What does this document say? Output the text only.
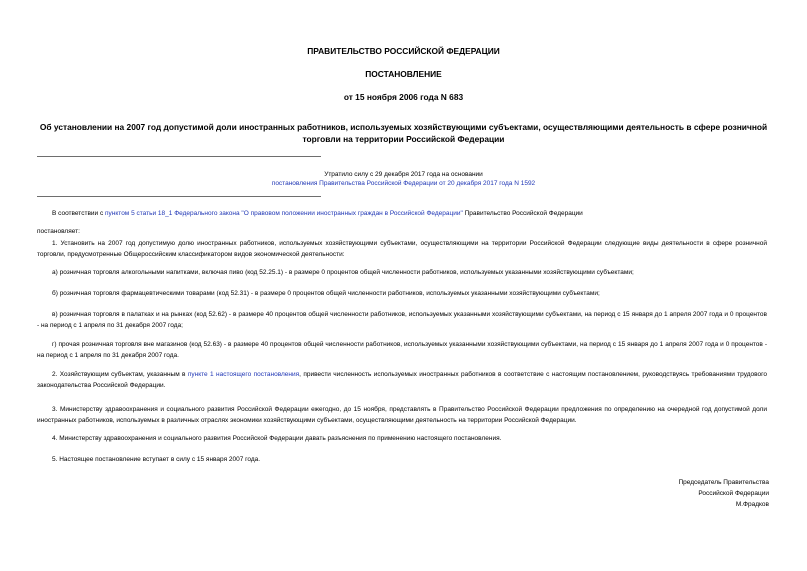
ПРАВИТЕЛЬСТВО РОССИЙСКОЙ ФЕДЕРАЦИИ
ПОСТАНОВЛЕНИЕ
от 15 ноября 2006 года N 683
Об установлении на 2007 год допустимой доли иностранных работников, используемых хозяйствующими субъектами, осуществляющими деятельность в сфере розничной торговли на территории Российской Федерации
Утратило силу с 29 декабря 2017 года на основании
постановления Правительства Российской Федерации от 20 декабря 2017 года N 1592
В соответствии с пунктом 5 статьи 18_1 Федерального закона "О правовом положении иностранных граждан в Российской Федерации" Правительство Российской Федерации
постановляет:
1. Установить на 2007 год допустимую долю иностранных работников, используемых хозяйствующими субъектами, осуществляющими на территории Российской Федерации следующие виды деятельности в сфере розничной торговли, предусмотренные Общероссийским классификатором видов экономической деятельности:
а) розничная торговля алкогольными напитками, включая пиво (код 52.25.1) - в размере 0 процентов общей численности работников, используемых указанными хозяйствующими субъектами;
б) розничная торговля фармацевтическими товарами (код 52.31) - в размере 0 процентов общей численности работников, используемых указанными хозяйствующими субъектами;
в) розничная торговля в палатках и на рынках (код 52.62) - в размере 40 процентов общей численности работников, используемых указанными хозяйствующими субъектами, на период с 15 января до 1 апреля 2007 года и 0 процентов - на период с 1 апреля по 31 декабря 2007 года;
г) прочая розничная торговля вне магазинов (код 52.63) - в размере 40 процентов общей численности работников, используемых указанными хозяйствующими субъектами, на период с 15 января до 1 апреля 2007 года и 0 процентов - на период с 1 апреля по 31 декабря 2007 года.
2. Хозяйствующим субъектам, указанным в пункте 1 настоящего постановления, привести численность используемых иностранных работников в соответствие с настоящим постановлением, руководствуясь требованиями трудового законодательства Российской Федерации.
3. Министерству здравоохранения и социального развития Российской Федерации ежегодно, до 15 ноября, представлять в Правительство Российской Федерации предложения по определению на очередной год допустимой доли иностранных работников, используемых в различных отраслях экономики хозяйствующими субъектами, осуществляющими деятельность на территории Российской Федерации.
4. Министерству здравоохранения и социального развития Российской Федерации давать разъяснения по применению настоящего постановления.
5. Настоящее постановление вступает в силу с 15 января 2007 года.
Председатель Правительства
Российской Федерации
М.Фрадков
